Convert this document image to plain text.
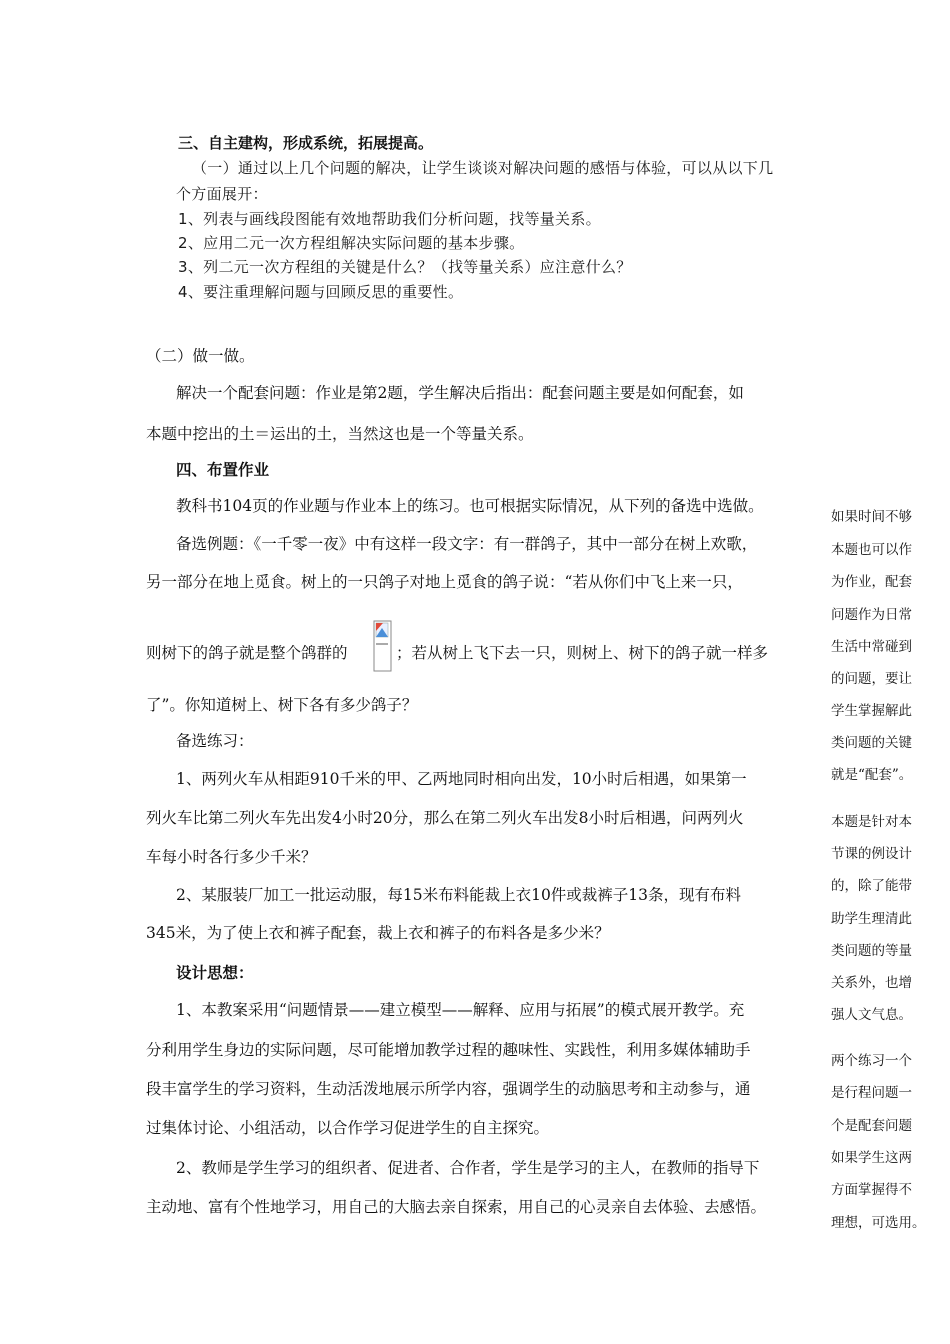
三、自主建构，形成系统，拓展提高。
（一）通过以上几个问题的解决，让学生谈谈对解决问题的感悟与体验，可以从以下几
个方面展开：
1、列表与画线段图能有效地帮助我们分析问题，找等量关系。
2、应用二元一次方程组解决实际问题的基本步骤。
3、列二元一次方程组的关键是什么？（找等量关系）应注意什么？
4、要注重理解问题与回顾反思的重要性。
（二）做一做。
解决一个配套问题：作业是第2题，学生解决后指出：配套问题主要是如何配套，如
本题中挖出的土＝运出的土，当然这也是一个等量关系。
四、布置作业
教科书104页的作业题与作业本上的练习。也可根据实际情况，从下列的备选中选做。
备选例题：《一千零一夜》中有这样一段文字：有一群鸽子，其中一部分在树上欢歌，
另一部分在地上觅食。树上的一只鸽子对地上觅食的鸽子说：“若从你们中飞上来一只，
则树下的鸽子就是整个鸽群的	；若从树上飞下去一只，则树上、树下的鸽子就一样多
了”。你知道树上、树下各有多少鸽子？
备选练习：
1、两列火车从相距910千米的甲、乙两地同时相向出发，10小时后相遇，如果第一
列火车比第二列火车先出发4小时20分，那么在第二列火车出发8小时后相遇，问两列火
车每小时各行多少千米？
2、某服装厂加工一批运动服，每15米布料能裁上衣10件或裁裤子13条，现有布料
345米，为了使上衣和裤子配套，裁上衣和裤子的布料各是多少米？
设计思想：
1、本教案采用“问题情景——建立模型——解释、应用与拓展”的模式展开教学。充
分利用学生身边的实际问题，尽可能增加教学过程的趣味性、实践性，利用多媒体辅助手
段丰富学生的学习资料，生动活泼地展示所学内容，强调学生的动脑思考和主动参与，通
过集体讨论、小组活动，以合作学习促进学生的自主探究。
2、教师是学生学习的组织者、促进者、合作者，学生是学习的主人，在教师的指导下
主动地、富有个性地学习，用自己的大脑去亲自探索，用自己的心灵亲自去体验、去感悟。
如果时间不够
本题也可以作
为作业，配套
问题作为日常
生活中常碰到
的问题，要让
学生掌握解此
类问题的关键
就是“配套”。
本题是针对本
节课的例设计
的，除了能带
助学生理清此
类问题的等量
关系外，也增
强人文气息。
两个练习一个
是行程问题一
个是配套问题
如果学生这两
方面掌握得不
理想，可选用。
